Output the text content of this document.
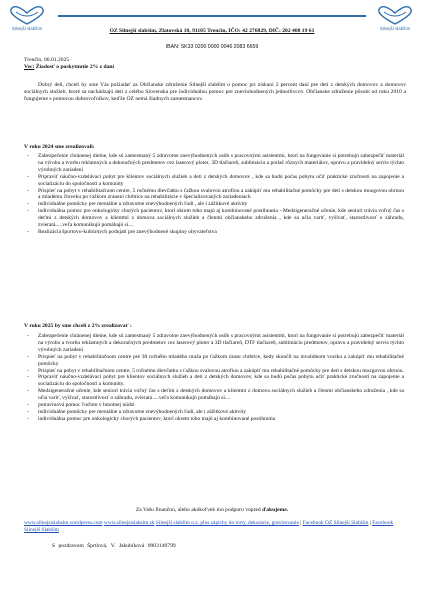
Silnejší slabším	Silnejší slabším
OZ Silnejší slabším, Zlatovská 10, 91105 Trenčín, IČO: 42 276829, DIČ: 202 408 19 61
IBAN: SK33 0200 0000 0046 2083 6659
Trenčín, 06.01.2025
Vec: Žiadosť o poskytnutie 2% z daní
Dobrý deň, chceli by sme Vás požiadať za Občianske združenie Silnejší slabším o pomoc pri získaní 2 percent daní pre deti z detských domovov a domovov sociálnych služieb, ktoré sa nachádzajú deti z celého Slovenska pre individuálnu pomoc pre zneviohodnených jednotlivcov. Občianske združenie pôsobí od roku 2010 a fungujeme s pomocou dobrovoľníkov, keďže OZ nemá žiadnych zamestnancov.
V roku 2024 sme zrealizovali:
- Zabezpečenie chránenej dielne, kde sú zamestnaný 5 zdravotne znevýhodnených osôb s pracovnými asistentmi, ktorí na fungovanie si potrebujú zabezpečiť materiál na výrobu a tvorbu reklamných a dekoračných predmetov cez laserový ploter, 3D tlačiareň, sublimáciu a potlač rôznych materiálov, opravu a pravidelný servis týchto výrobných zariadení
- Pripraviť náučno-vzdelávací pobyt pre klientov sociálnych služieb a deti z detských domovov , kde sa budú počas pobytu učiť praktické zručnosti na zapojenie a socializáciu do spoločnosti a komunity
- Prispieť na pobyt v rehabilitačnom centre, 5 ročnému dievčatku s ťažkou svalovou atrofiou a zakúpiť mu rehabilitačné pomôcky pre deti s detskou mozgovou obrnou a mladému človeku po ťažkom zranení chrbtice na rehabilitácie v špecializovaných zariadeniach
- individuálne pomôcky pre mentálne a zdravotne znevýhodnených ľudí , ale i zážitkové aktivity
- individuálna pomoc pre onkologicky chorých pacientov, ktorí okrem toho majú aj kombinované postihnutia - Medzigeneračné učenie, kde seniori trávia voľný čas s deťmi z detských domovov a klientmi z domova sociálnych služieb a členmi občianskeho združenia , kde sa učia variť, vyšívať, starostlivosť o záhradu, zvieratá.....veľa komunikujú pomáhajú si....
- Realizácia športovo-kultúrnych podujatí pre znevýhodnené skupiny obyvateľstva
V roku 2025 by sme chceli z 2% zrealizovať :
- Zabezpečenie chránenej dielne, kde sú zamestnaný 5 zdravotne znevýhodnených osôb s pracovnými asistentmi, ktorí na fungovanie si potrebujú zabezpečiť materiál na výrobu a tvorbu reklamných a dekoračných predmetov cez laserový ploter a 3D tlačiareň, DTF tlačiareň, sublimáciu predmetov, opravu a pravidelný servis týchto výrobných zariadení
- Prispieť na pobyt v rehabilitačnom centre pre 30 ročného mladého muža po ťažkom úraze chrbtice, kedy skončil na invalidnom vozíku a zakúpiť mu rehabilitačné pomôcky
- Prispieť na pobyt v rehabilitačnom centre, 5 ročnému dievčatku s ťažkou svalovou atrofiou a zakúpiť mu rehabilitačné pomôcky pre deti s detskou mozgovou obrnou.
- Pripraviť náučno-vzdelávací pobyt pre klientov sociálnych služieb a deti z detských domovov, kde sa budú počas pobytu učiť praktické zručnosti na zapojenie a socializáciu do spoločnosti a komunity.
- Medzigeneračné učenie, kde seniori trávia voľný čas s deťmi z detských domovov a klientmi z domova sociálnych služieb a členmi občianskeho združenia , kde sa učia variť, vyšívať, starostlivosť o záhradu, zvieratá.....veľa komunikujú pomáhajú si....
- potravinová pomoc ľuďom v hmotnej núdzi
- individuálne pomôcky pre mentálne a zdravotne znevýhodnených ľudí, ale i zážitkové aktivity
- individuálna pomoc pre onkologicky chorých pacientov, ktorí okrem toho majú aj kombinované postihnutia
Za Vašu finančnú, alebo akúkoľvek inú podporu vopred ďakujeme.
www.silnejsislabsim.wordpress.com www.silnejsislabsim.sk Silnejší slabším o.z. plus zápichy do torty, dekorácie, gravírovanie | Facebook OZ Silnejší Slabším | Facebook Silnejší Slabším
S pozdravom Šprtlová, V. Jakubíková 0903140799
